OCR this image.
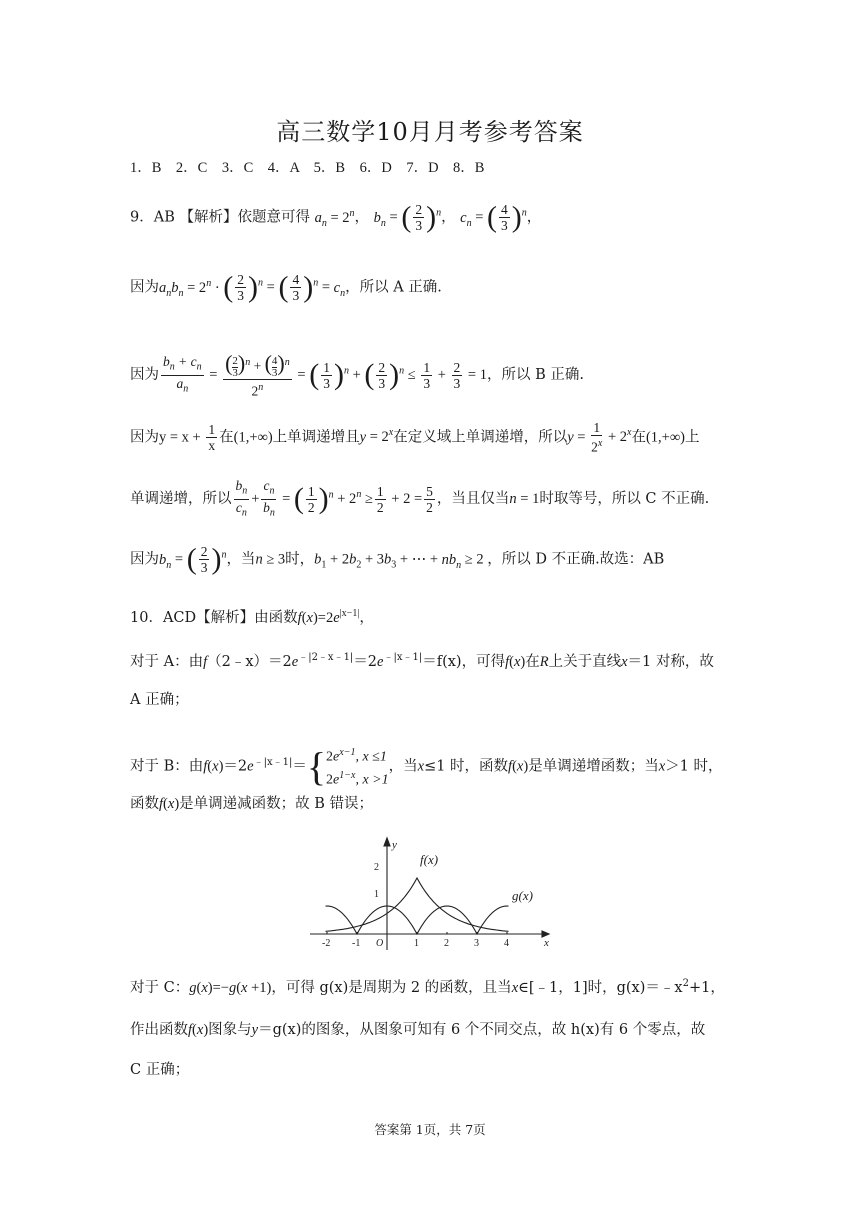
高三数学10月月考参考答案
1．B　2．C　3．C　4．A　5．B　6．D　7．D　8．B
9．AB 【解析】依题意可得 $a_n = 2^n$， $b_n$ = ( $\frac{2}{3} )^n$， $c_n$ = ( $\frac{4}{3} )^n$，
因为$a_nb_n = 2^n$ · ( $\frac{2}{3} )^n$ = ( $\frac{4}{3} )^n = c_n$，所以 A 正确.
因为 $\frac{b_n + c_n}{a_n}$ = ( 2
3)$^n$ + ( 4
3)$^n$
$2^n$ = ( $\frac{1}{3} )^n$ + ( $\frac{2}{3} )^n \le \frac{1}{3} + \frac{2}{3} = 1$，所以 B 正确.
因为$y = x + \frac{1}{x}$ 在(1,+∞)上单调递增且$y = 2^x$在定义域上单调递增，所以$y = \frac{1}{2^x} + 2^x$在(1,+∞)上
单调递增，所以 $\frac{b_n}{c_n} + \frac{c_n}{b_n}$ = ( $\frac{1}{2} )^n + 2^n \ge \frac{1}{2} + 2 = \frac{5}{2}$ ，当且仅当n = 1时取等号，所以 C 不正确.
因为$b_n$ = ( $\frac{2}{3} )^n$，当n ≥ 3时，$b_1 + 2b_2 + 3b_3$ + ⋯ + $nb_n \ge 2$ ，所以 D 不正确.故选：AB
10．ACD【解析】由函数$f(x)=2e^{|x-1|}$，
对于 A：由$f(2﹣x)=2e^{﹣|2﹣x﹣1|}=2e^{﹣|x﹣1|}=f(x)$，可得f(x)在R上关于直线x＝1 对称，故
A 正确；
对于 B：由$f(x)=2e^{﹣|x﹣1|}=${ $2e^{x-1}$, x ≤1
$2e^{1-x}$, x >1
，当x≤1 时，函数f(x)是单调递增函数；当x＞1 时，
函数f(x)是单调递减函数；故 B 错误；
-2 -1	1	2	3	4
O
2
1
x
y
f(x)
g(x)
对于 C：g(x)=−g(x +1)，可得 g(x)是周期为 2 的函数，且当x∈[﹣1，1]时，$g(x)=﹣x^2+1$，
作出函数f(x)图象与y＝g(x)的图象，从图象可知有 6 个不同交点，故 h(x)有 6 个零点，故
C 正确；
答案第 1页，共 7页
